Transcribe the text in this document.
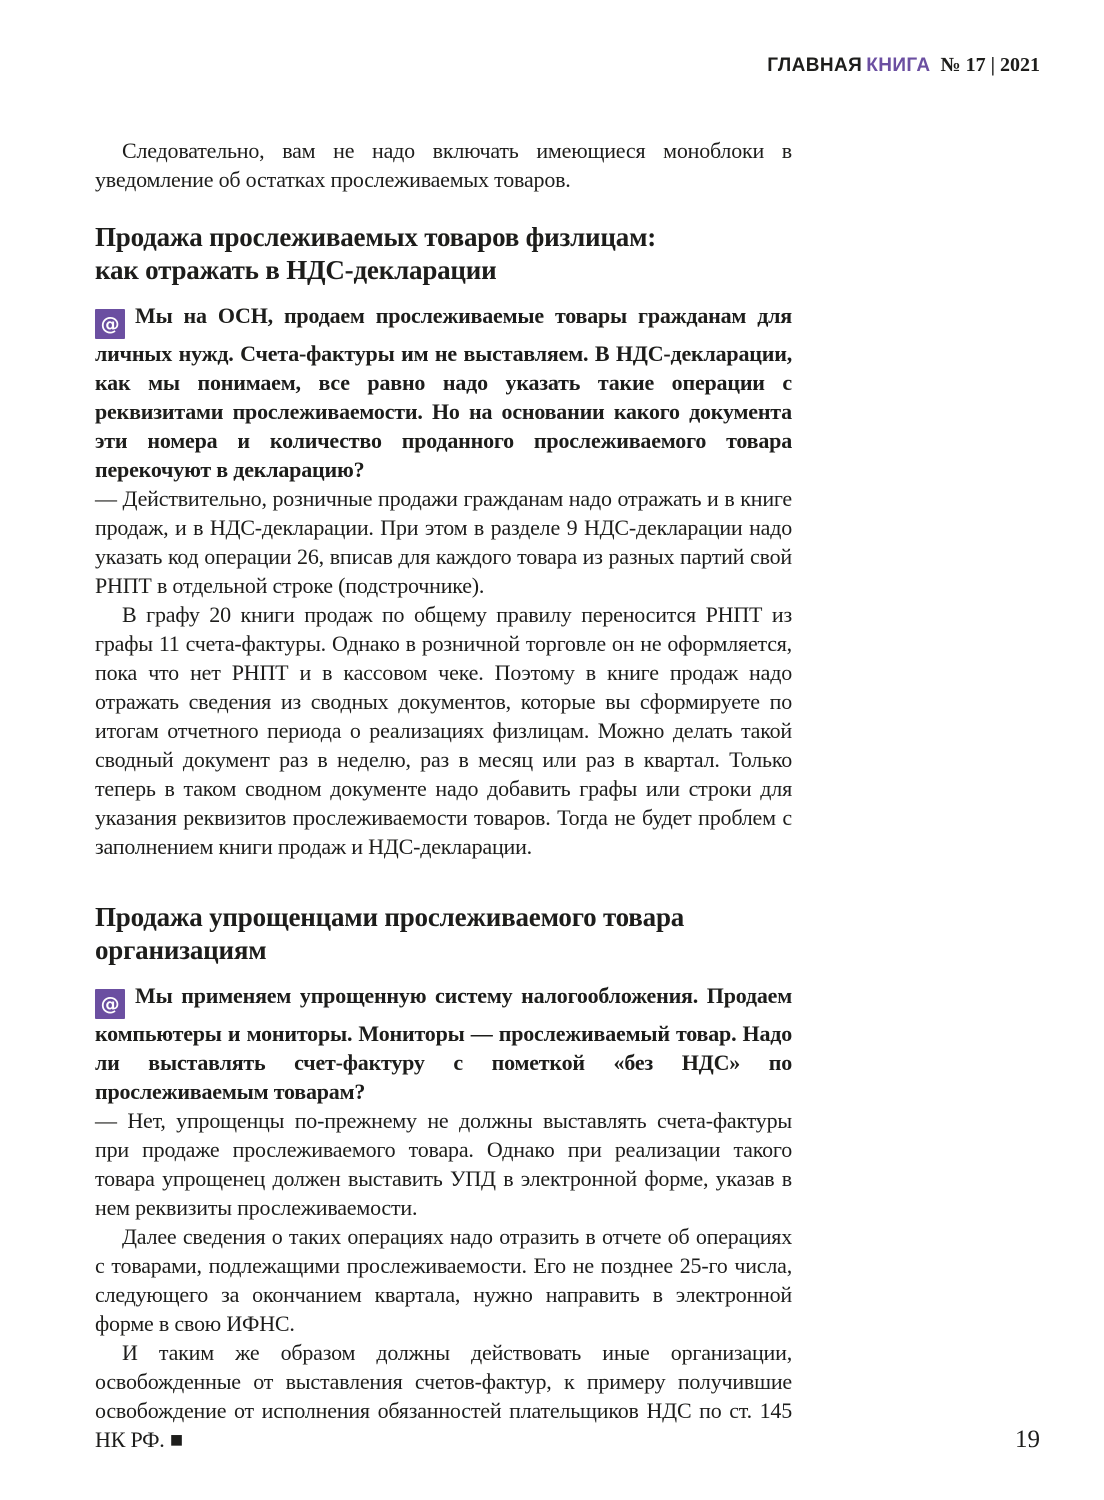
ГЛАВНАЯ КНИГА № 17 | 2021

Следовательно, вам не надо включать имеющиеся моноблоки в уведомление об остатках прослеживаемых товаров.

Продажа прослеживаемых товаров физлицам:
как отражать в НДС-декларации

@ Мы на ОСН, продаем прослеживаемые товары гражданам для личных нужд. Счета-фактуры им не выставляем. В НДС-декларации, как мы понимаем, все равно надо указать такие операции с реквизитами прослеживаемости. Но на основании какого документа эти номера и количество проданного прослеживаемого товара перекочуют в декларацию?

— Действительно, розничные продажи гражданам надо отражать и в книге продаж, и в НДС-декларации. При этом в разделе 9 НДС-декларации надо указать код операции 26, вписав для каждого товара из разных партий свой РНПТ в отдельной строке (подстрочнике).

В графу 20 книги продаж по общему правилу переносится РНПТ из графы 11 счета-фактуры. Однако в розничной торговле он не оформляется, пока что нет РНПТ и в кассовом чеке. Поэтому в книге продаж надо отражать сведения из сводных документов, которые вы сформируете по итогам отчетного периода о реализациях физлицам. Можно делать такой сводный документ раз в неделю, раз в месяц или раз в квартал. Только теперь в таком сводном документе надо добавить графы или строки для указания реквизитов прослеживаемости товаров. Тогда не будет проблем с заполнением книги продаж и НДС-декларации.

Продажа упрощенцами прослеживаемого товара
организациям

@ Мы применяем упрощенную систему налогообложения. Продаем компьютеры и мониторы. Мониторы — прослеживаемый товар. Надо ли выставлять счет-фактуру с пометкой «без НДС» по прослеживаемым товарам?

— Нет, упрощенцы по-прежнему не должны выставлять счета-фактуры при продаже прослеживаемого товара. Однако при реализации такого товара упрощенец должен выставить УПД в электронной форме, указав в нем реквизиты прослеживаемости.

Далее сведения о таких операциях надо отразить в отчете об операциях с товарами, подлежащими прослеживаемости. Его не позднее 25-го числа, следующего за окончанием квартала, нужно направить в электронной форме в свою ИФНС.

И таким же образом должны действовать иные организации, освобожденные от выставления счетов-фактур, к примеру получившие освобождение от исполнения обязанностей плательщиков НДС по ст. 145 НК РФ. ■	19
